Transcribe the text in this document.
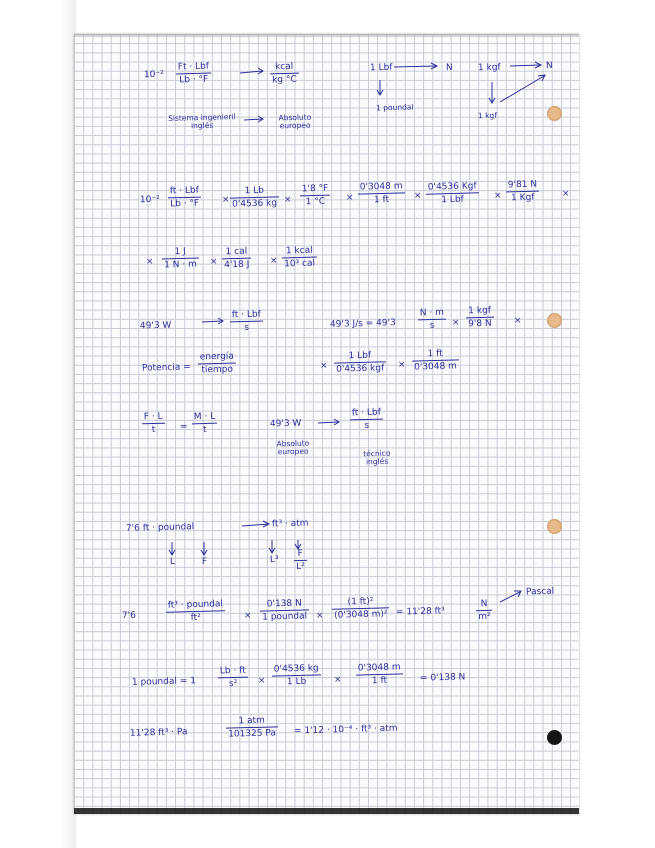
10⁻²
Ft · Lbf
Lb · °F
kcal
kg °C
Sistema ingenieril inglés
Absoluto europeo
1 Lbf	N	1 kgf	N
1 poundal
1 kgf
10⁻²
ft · Lbf
Lb · °F	×
1 Lb
0'4536 kg ×
1'8 °F
1 °C ×
0'3048 m
1 ft	×
0'4536 Kgf
1 Lbf	×
9'81 N
1 Kgf	×
×
1 J
1 N · m ×
1 cal
4'18 J ×
1 kcal
10³ cal
49'3 W
ft · Lbf
s	49'3 J/s = 49'3
N · m
s ×
1 kgf
9'8 N ×
Potencia =
energía
tiempo	×
1 Lbf
0'4536 kgf ×
1 ft
0'3048 m
F · L
t	=
M · L
t
49'3 W
Absoluto europeo
ft · Lbf
s
técnico inglés
7'6 ft · poundal	ft³ · atm
L	F	L³
F
L²
7'6
ft³ · poundal
ft²	×
0'138 N
1 poundal ×
(1 ft)²
(0'3048 m)² = 11'28 ft³
N
m²
Pascal
1 poundal = 1
Lb · ft
s² ×
0'4536 kg
1 Lb	×
0'3048 m
1 ft	= 0'138 N
11'28 ft³ · Pa
1 atm
101325 Pa = 1'12 · 10⁻⁴ · ft³ · atm
